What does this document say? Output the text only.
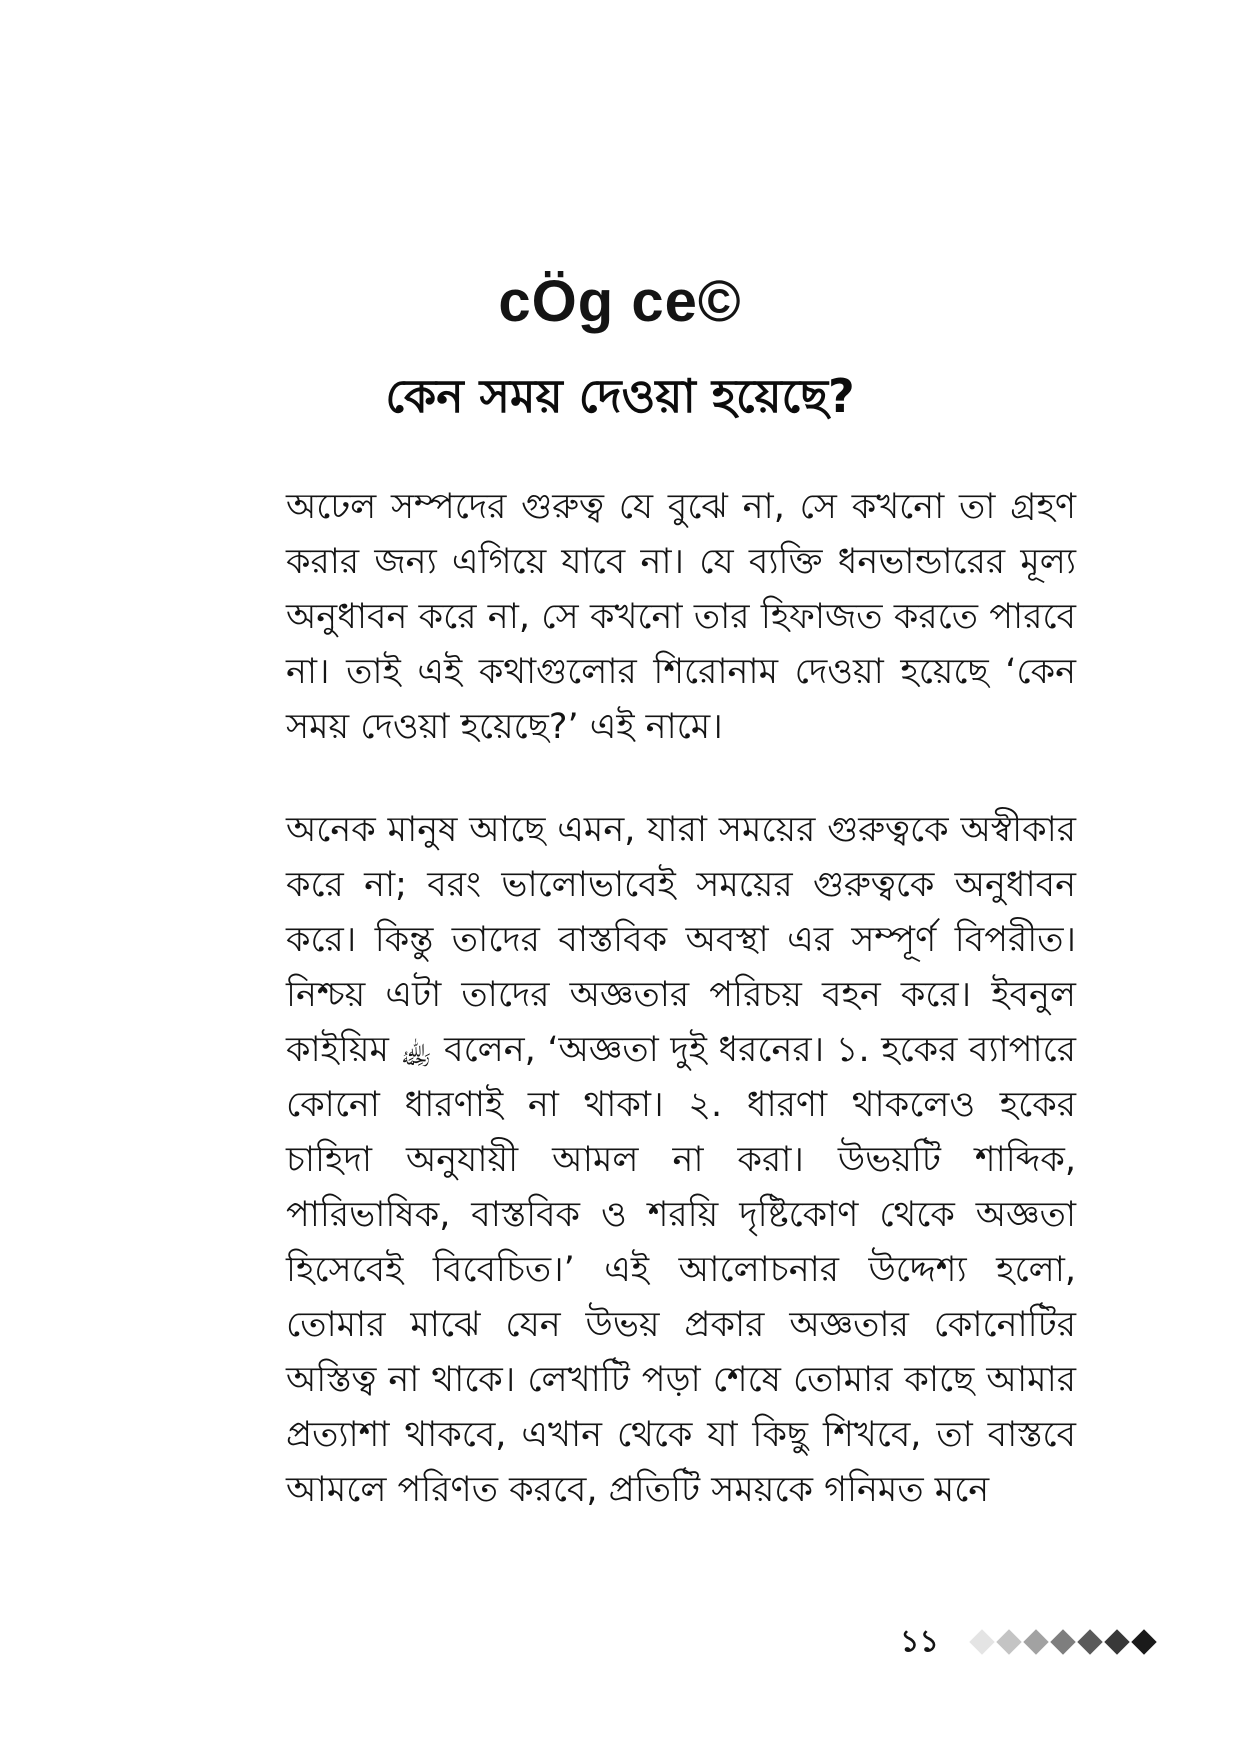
cÖg ce©
কেন সময় দেওয়া হয়েছে?

অঢেল সম্পদের গুরুত্ব যে বুঝে না, সে কখনো তা গ্রহণ করার জন্য এগিয়ে যাবে না। যে ব্যক্তি ধনভান্ডারের মূল্য অনুধাবন করে না, সে কখনো তার হিফাজত করতে পারবে না। তাই এই কথাগুলোর শিরোনাম দেওয়া হয়েছে ‘কেন সময় দেওয়া হয়েছে?’ এই নামে।

অনেক মানুষ আছে এমন, যারা সময়ের গুরুত্বকে অস্বীকার করে না; বরং ভালোভাবেই সময়ের গুরুত্বকে অনুধাবন করে। কিন্তু তাদের বাস্তবিক অবস্থা এর সম্পূর্ণ বিপরীত। নিশ্চয় এটা তাদের অজ্ঞতার পরিচয় বহন করে। ইবনুল কাইয়িম ﵀ বলেন, ‘অজ্ঞতা দুই ধরনের। ১. হকের ব্যাপারে কোনো ধারণাই না থাকা। ২. ধারণা থাকলেও হকের চাহিদা অনুযায়ী আমল না করা। উভয়টি শাব্দিক, পারিভাষিক, বাস্তবিক ও শরয়ি দৃষ্টিকোণ থেকে অজ্ঞতা হিসেবেই বিবেচিত।’ এই আলোচনার উদ্দেশ্য হলো, তোমার মাঝে যেন উভয় প্রকার অজ্ঞতার কোনোটির অস্তিত্ব না থাকে। লেখাটি পড়া শেষে তোমার কাছে আমার প্রত্যাশা থাকবে, এখান থেকে যা কিছু শিখবে, তা বাস্তবে আমলে পরিণত করবে, প্রতিটি সময়কে গনিমত মনে

১১
